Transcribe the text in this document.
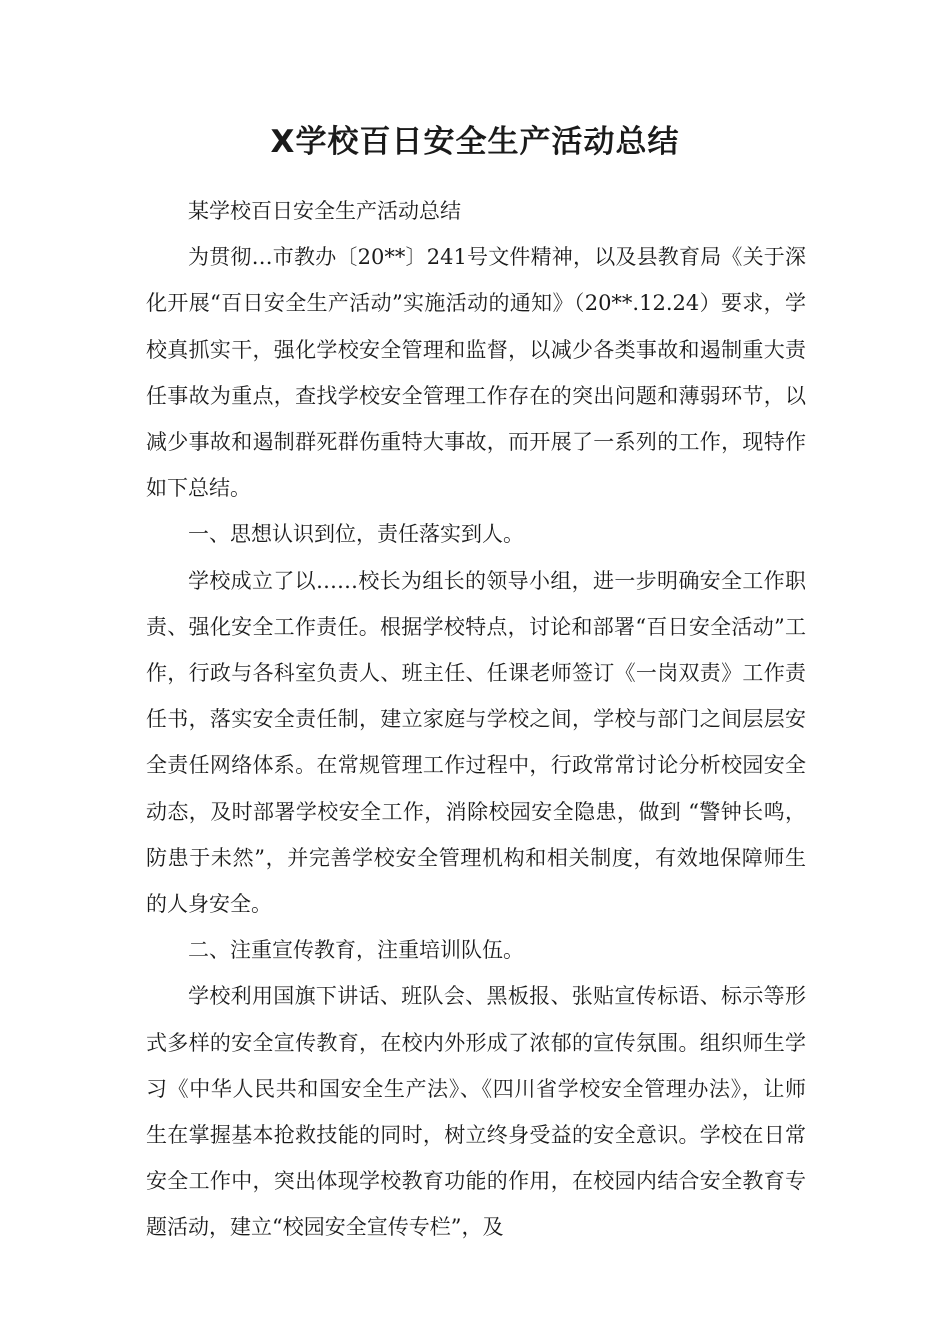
X学校百日安全生产活动总结

某学校百日安全生产活动总结

为贯彻…市教办〔20**〕241号文件精神，以及县教育局《关于深化开展“百日安全生产活动”实施活动的通知》（20**.12.24）要求，学校真抓实干，强化学校安全管理和监督，以减少各类事故和遏制重大责任事故为重点，查找学校安全管理工作存在的突出问题和薄弱环节，以减少事故和遏制群死群伤重特大事故，而开展了一系列的工作，现特作如下总结。

一、思想认识到位，责任落实到人。

学校成立了以……校长为组长的领导小组，进一步明确安全工作职责、强化安全工作责任。根据学校特点，讨论和部署“百日安全活动”工作，行政与各科室负责人、班主任、任课老师签订《一岗双责》工作责任书，落实安全责任制，建立家庭与学校之间，学校与部门之间层层安全责任网络体系。在常规管理工作过程中，行政常常讨论分析校园安全动态，及时部署学校安全工作，消除校园安全隐患，做到 “警钟长鸣，防患于未然”，并完善学校安全管理机构和相关制度，有效地保障师生的人身安全。

二、注重宣传教育，注重培训队伍。

学校利用国旗下讲话、班队会、黑板报、张贴宣传标语、标示等形式多样的安全宣传教育，在校内外形成了浓郁的宣传氛围。组织师生学习《中华人民共和国安全生产法》、《四川省学校安全管理办法》，让师生在掌握基本抢救技能的同时，树立终身受益的安全意识。学校在日常安全工作中，突出体现学校教育功能的作用，在校园内结合安全教育专题活动，建立“校园安全宣传专栏”，及
